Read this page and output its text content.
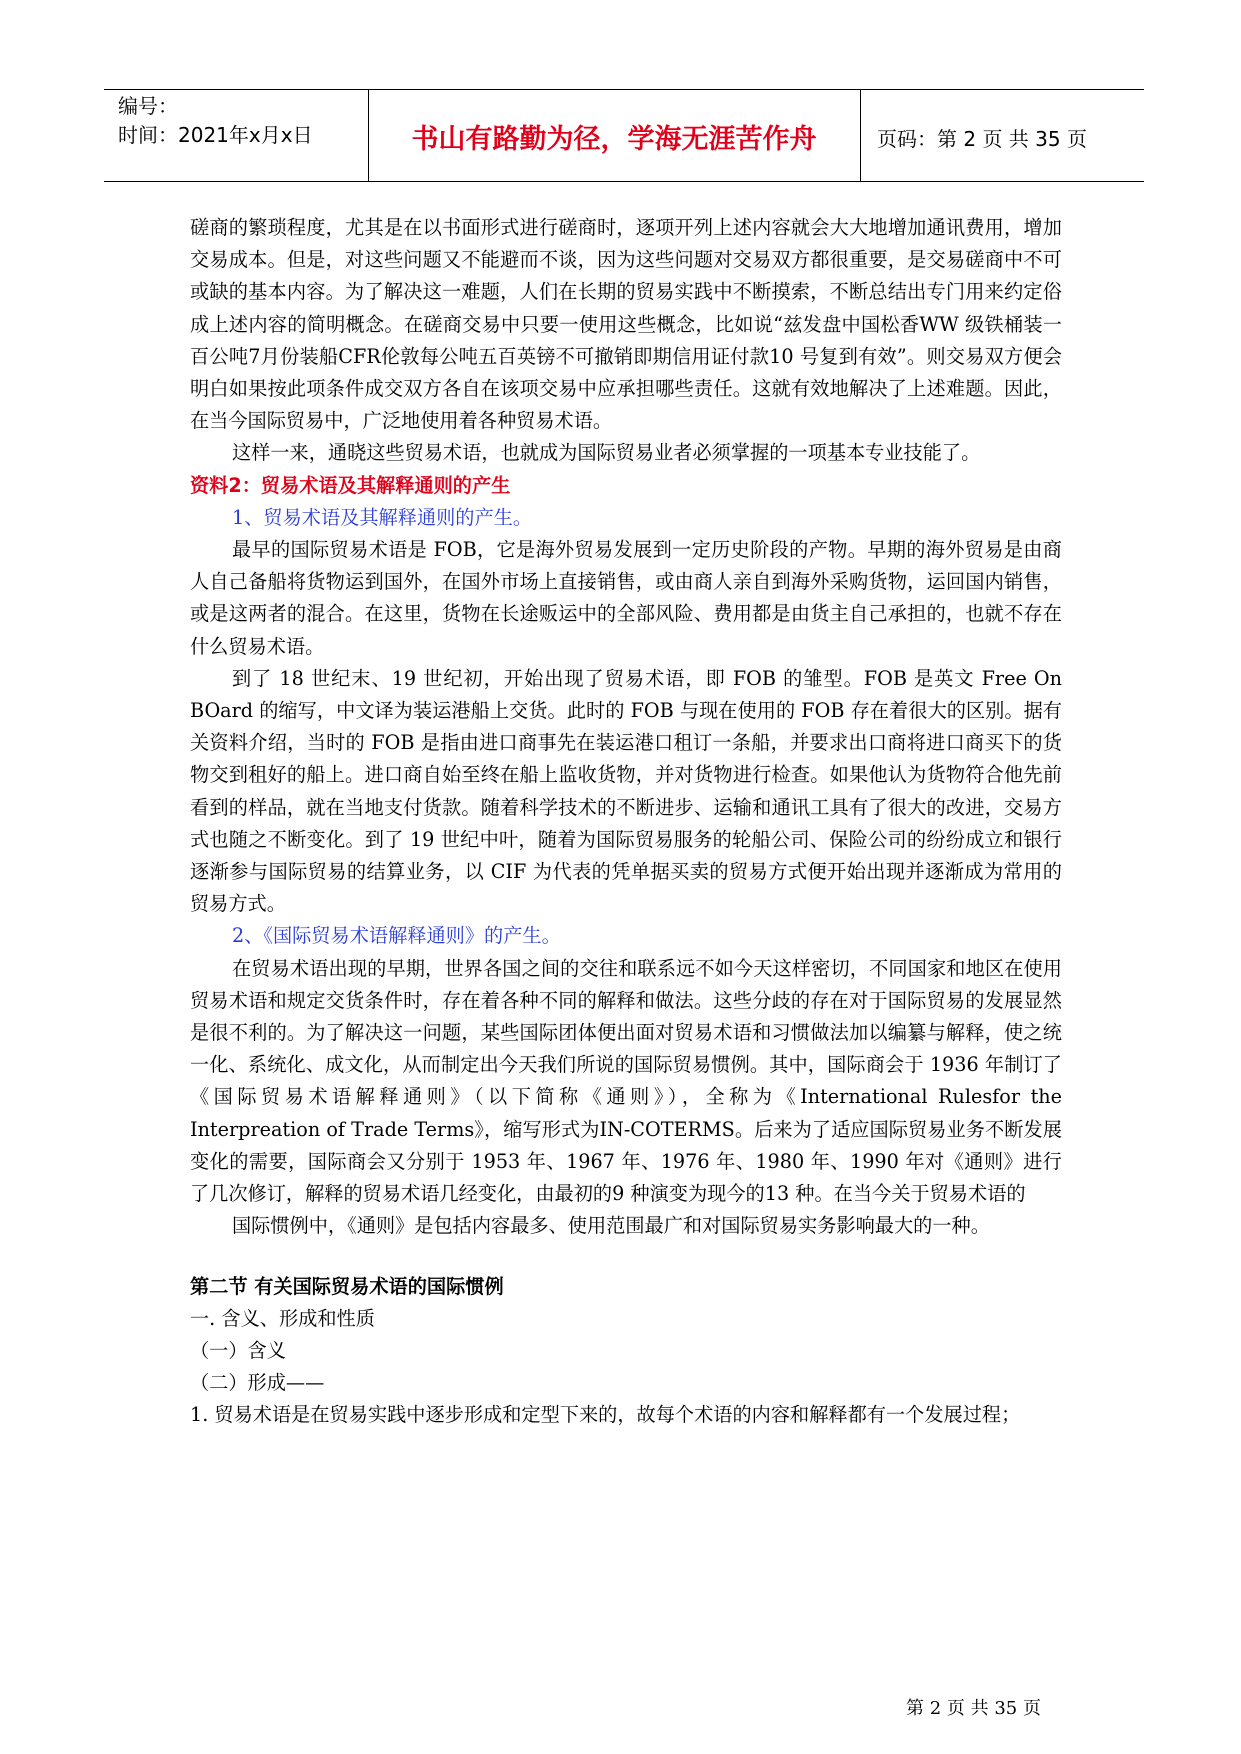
编号：
时间：2021年x月x日	书山有路勤为径，学海无涯苦作舟	页码：第 2 页 共 35 页

磋商的繁琐程度，尤其是在以书面形式进行磋商时，逐项开列上述内容就会大大地增加通讯费用，增加交易成本。但是，对这些问题又不能避而不谈，因为这些问题对交易双方都很重要，是交易磋商中不可或缺的基本内容。为了解决这一难题，人们在长期的贸易实践中不断摸索，不断总结出专门用来约定俗成上述内容的简明概念。在磋商交易中只要一使用这些概念，比如说“兹发盘中国松香WW 级铁桶装一百公吨7月份装船CFR伦敦每公吨五百英镑不可撤销即期信用证付款10 号复到有效”。则交易双方便会明白如果按此项条件成交双方各自在该项交易中应承担哪些责任。这就有效地解决了上述难题。因此，在当今国际贸易中，广泛地使用着各种贸易术语。

这样一来，通晓这些贸易术语，也就成为国际贸易业者必须掌握的一项基本专业技能了。

资料2：贸易术语及其解释通则的产生

1、贸易术语及其解释通则的产生。

最早的国际贸易术语是 FOB，它是海外贸易发展到一定历史阶段的产物。早期的海外贸易是由商人自己备船将货物运到国外，在国外市场上直接销售，或由商人亲自到海外采购货物，运回国内销售，或是这两者的混合。在这里，货物在长途贩运中的全部风险、费用都是由货主自己承担的，也就不存在什么贸易术语。

到了 18 世纪末、19 世纪初，开始出现了贸易术语，即 FOB 的雏型。FOB 是英文 Free On BOard 的缩写，中文译为装运港船上交货。此时的 FOB 与现在使用的 FOB 存在着很大的区别。据有关资料介绍，当时的 FOB 是指由进口商事先在装运港口租订一条船，并要求出口商将进口商买下的货物交到租好的船上。进口商自始至终在船上监收货物，并对货物进行检查。如果他认为货物符合他先前看到的样品，就在当地支付货款。随着科学技术的不断进步、运输和通讯工具有了很大的改进，交易方式也随之不断变化。到了 19 世纪中叶，随着为国际贸易服务的轮船公司、保险公司的纷纷成立和银行逐渐参与国际贸易的结算业务，以 CIF 为代表的凭单据买卖的贸易方式便开始出现并逐渐成为常用的贸易方式。

2、《国际贸易术语解释通则》的产生。

在贸易术语出现的早期，世界各国之间的交往和联系远不如今天这样密切，不同国家和地区在使用贸易术语和规定交货条件时，存在着各种不同的解释和做法。这些分歧的存在对于国际贸易的发展显然是很不利的。为了解决这一问题，某些国际团体便出面对贸易术语和习惯做法加以编纂与解释，使之统一化、系统化、成文化，从而制定出今天我们所说的国际贸易惯例。其中，国际商会于 1936 年制订了《国际贸易术语解释通则》（以下简称《通则》），全称为《International Rulesfor the Interpreation of Trade Terms》，缩写形式为IN-COTERMS。后来为了适应国际贸易业务不断发展变化的需要，国际商会又分别于 1953 年、1967 年、1976 年、1980 年、1990 年对《通则》进行了几次修订，解释的贸易术语几经变化，由最初的9 种演变为现今的13 种。在当今关于贸易术语的

国际惯例中，《通则》是包括内容最多、使用范围最广和对国际贸易实务影响最大的一种。

第二节 有关国际贸易术语的国际惯例

一. 含义、形成和性质

（一）含义

（二）形成——

1. 贸易术语是在贸易实践中逐步形成和定型下来的，故每个术语的内容和解释都有一个发展过程；

第 2 页 共 35 页
